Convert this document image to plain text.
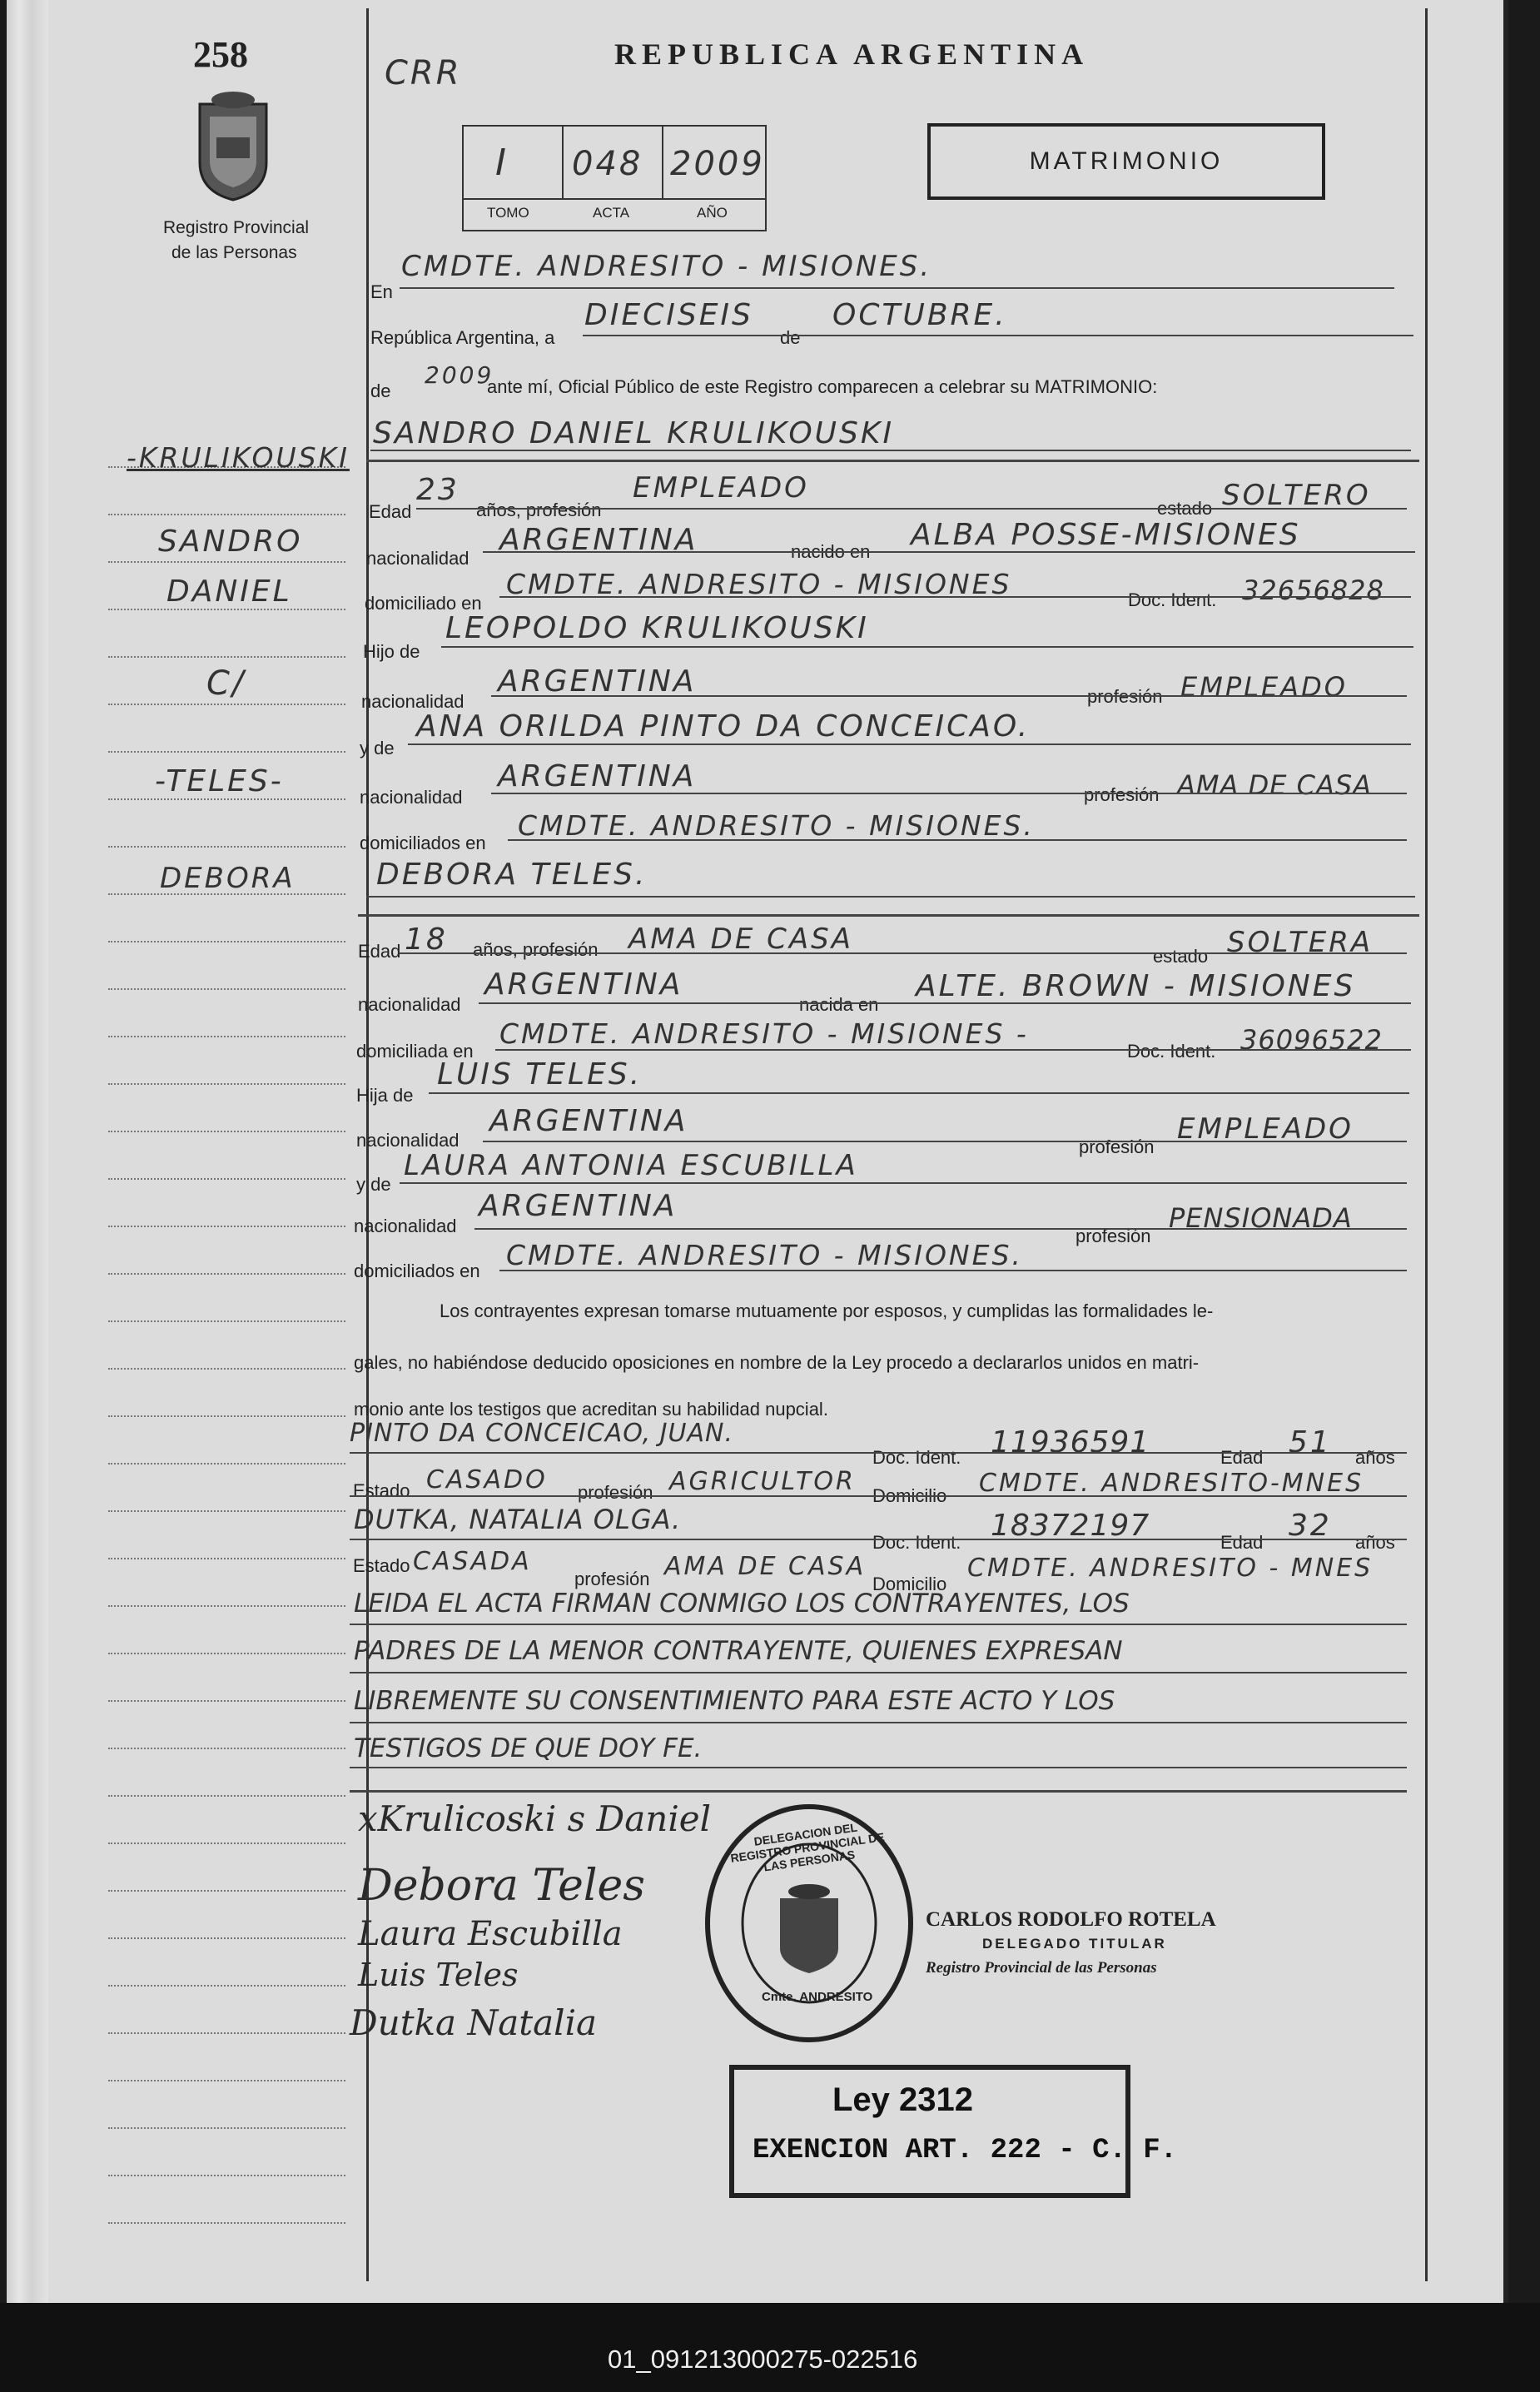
258
Registro Provincial
de las Personas
-KRULIKOUSKI
SANDRO
DANIEL
C/
-TELES-
DEBORA
CRR	REPUBLICA ARGENTINA
I 048 2009
TOMO	ACTA	AÑO
MATRIMONIO
En
CMDTE. ANDRESITO - MISIONES.
República Argentina, a
DIECISEIS
de
OCTUBRE.
de
2009
ante mí, Oficial Público de este Registro comparecen a celebrar su MATRIMONIO:
SANDRO DANIEL KRULIKOUSKI
Edad
23
años, profesión
EMPLEADO
estado SOLTERO
nacionalidad
ARGENTINA	nacido en ALBA POSSE-MISIONES
domiciliado en
CMDTE. ANDRESITO - MISIONES	Doc. Ident. 32656828
Hijo de
LEOPOLDO KRULIKOUSKI
nacionalidad
ARGENTINA	profesión EMPLEADO
y de
ANA ORILDA PINTO DA CONCEICAO.
nacionalidad
ARGENTINA
profesión AMA DE CASA
domiciliados en
CMDTE. ANDRESITO - MISIONES.
DEBORA TELES.
Edad 18 años, profesión AMA DE CASA
estado SOLTERA
nacionalidad
ARGENTINA
nacida en
ALTE. BROWN - MISIONES
domiciliada en
CMDTE. ANDRESITO - MISIONES -
Doc. Ident. 36096522
Hija de
LUIS TELES.
nacionalidad
ARGENTINA
profesión
EMPLEADO
y de
LAURA ANTONIA ESCUBILLA
nacionalidad
ARGENTINA
profesión
PENSIONADA
domiciliados en CMDTE. ANDRESITO - MISIONES.
Los contrayentes expresan tomarse mutuamente por esposos, y cumplidas las formalidades le-
gales, no habiéndose deducido oposiciones en nombre de la Ley procedo a declararlos unidos en matri-
monio ante los testigos que acreditan su habilidad nupcial.
PINTO DA CONCEICAO, JUAN.
Doc. Ident. 11936591	Edad 51 años
Estado CASADO profesión AGRICULTOR Domicilio CMDTE. ANDRESITO-MNES
DUTKA, NATALIA OLGA.
Doc. Ident. 18372197	Edad 32 años
Estado CASADA
profesión AMA DE CASA
Domicilio
CMDTE. ANDRESITO - MNES
LEIDA EL ACTA FIRMAN CONMIGO LOS CONTRAYENTES, LOS
PADRES DE LA MENOR CONTRAYENTE, QUIENES EXPRESAN
LIBREMENTE SU CONSENTIMIENTO PARA ESTE ACTO Y LOS
TESTIGOS DE QUE DOY FE.
xKrulicoski s Daniel
Debora Teles
Laura Escubilla
Luis Teles
Dutka Natalia
DELEGACION DEL REGISTRO PROVINCIAL DE LAS PERSONAS
Cmte. ANDRESITO
CARLOS RODOLFO ROTELA
DELEGADO TITULAR
Registro Provincial de las Personas
Ley 2312
EXENCION ART. 222 - C. F.
01_091213000275-022516
